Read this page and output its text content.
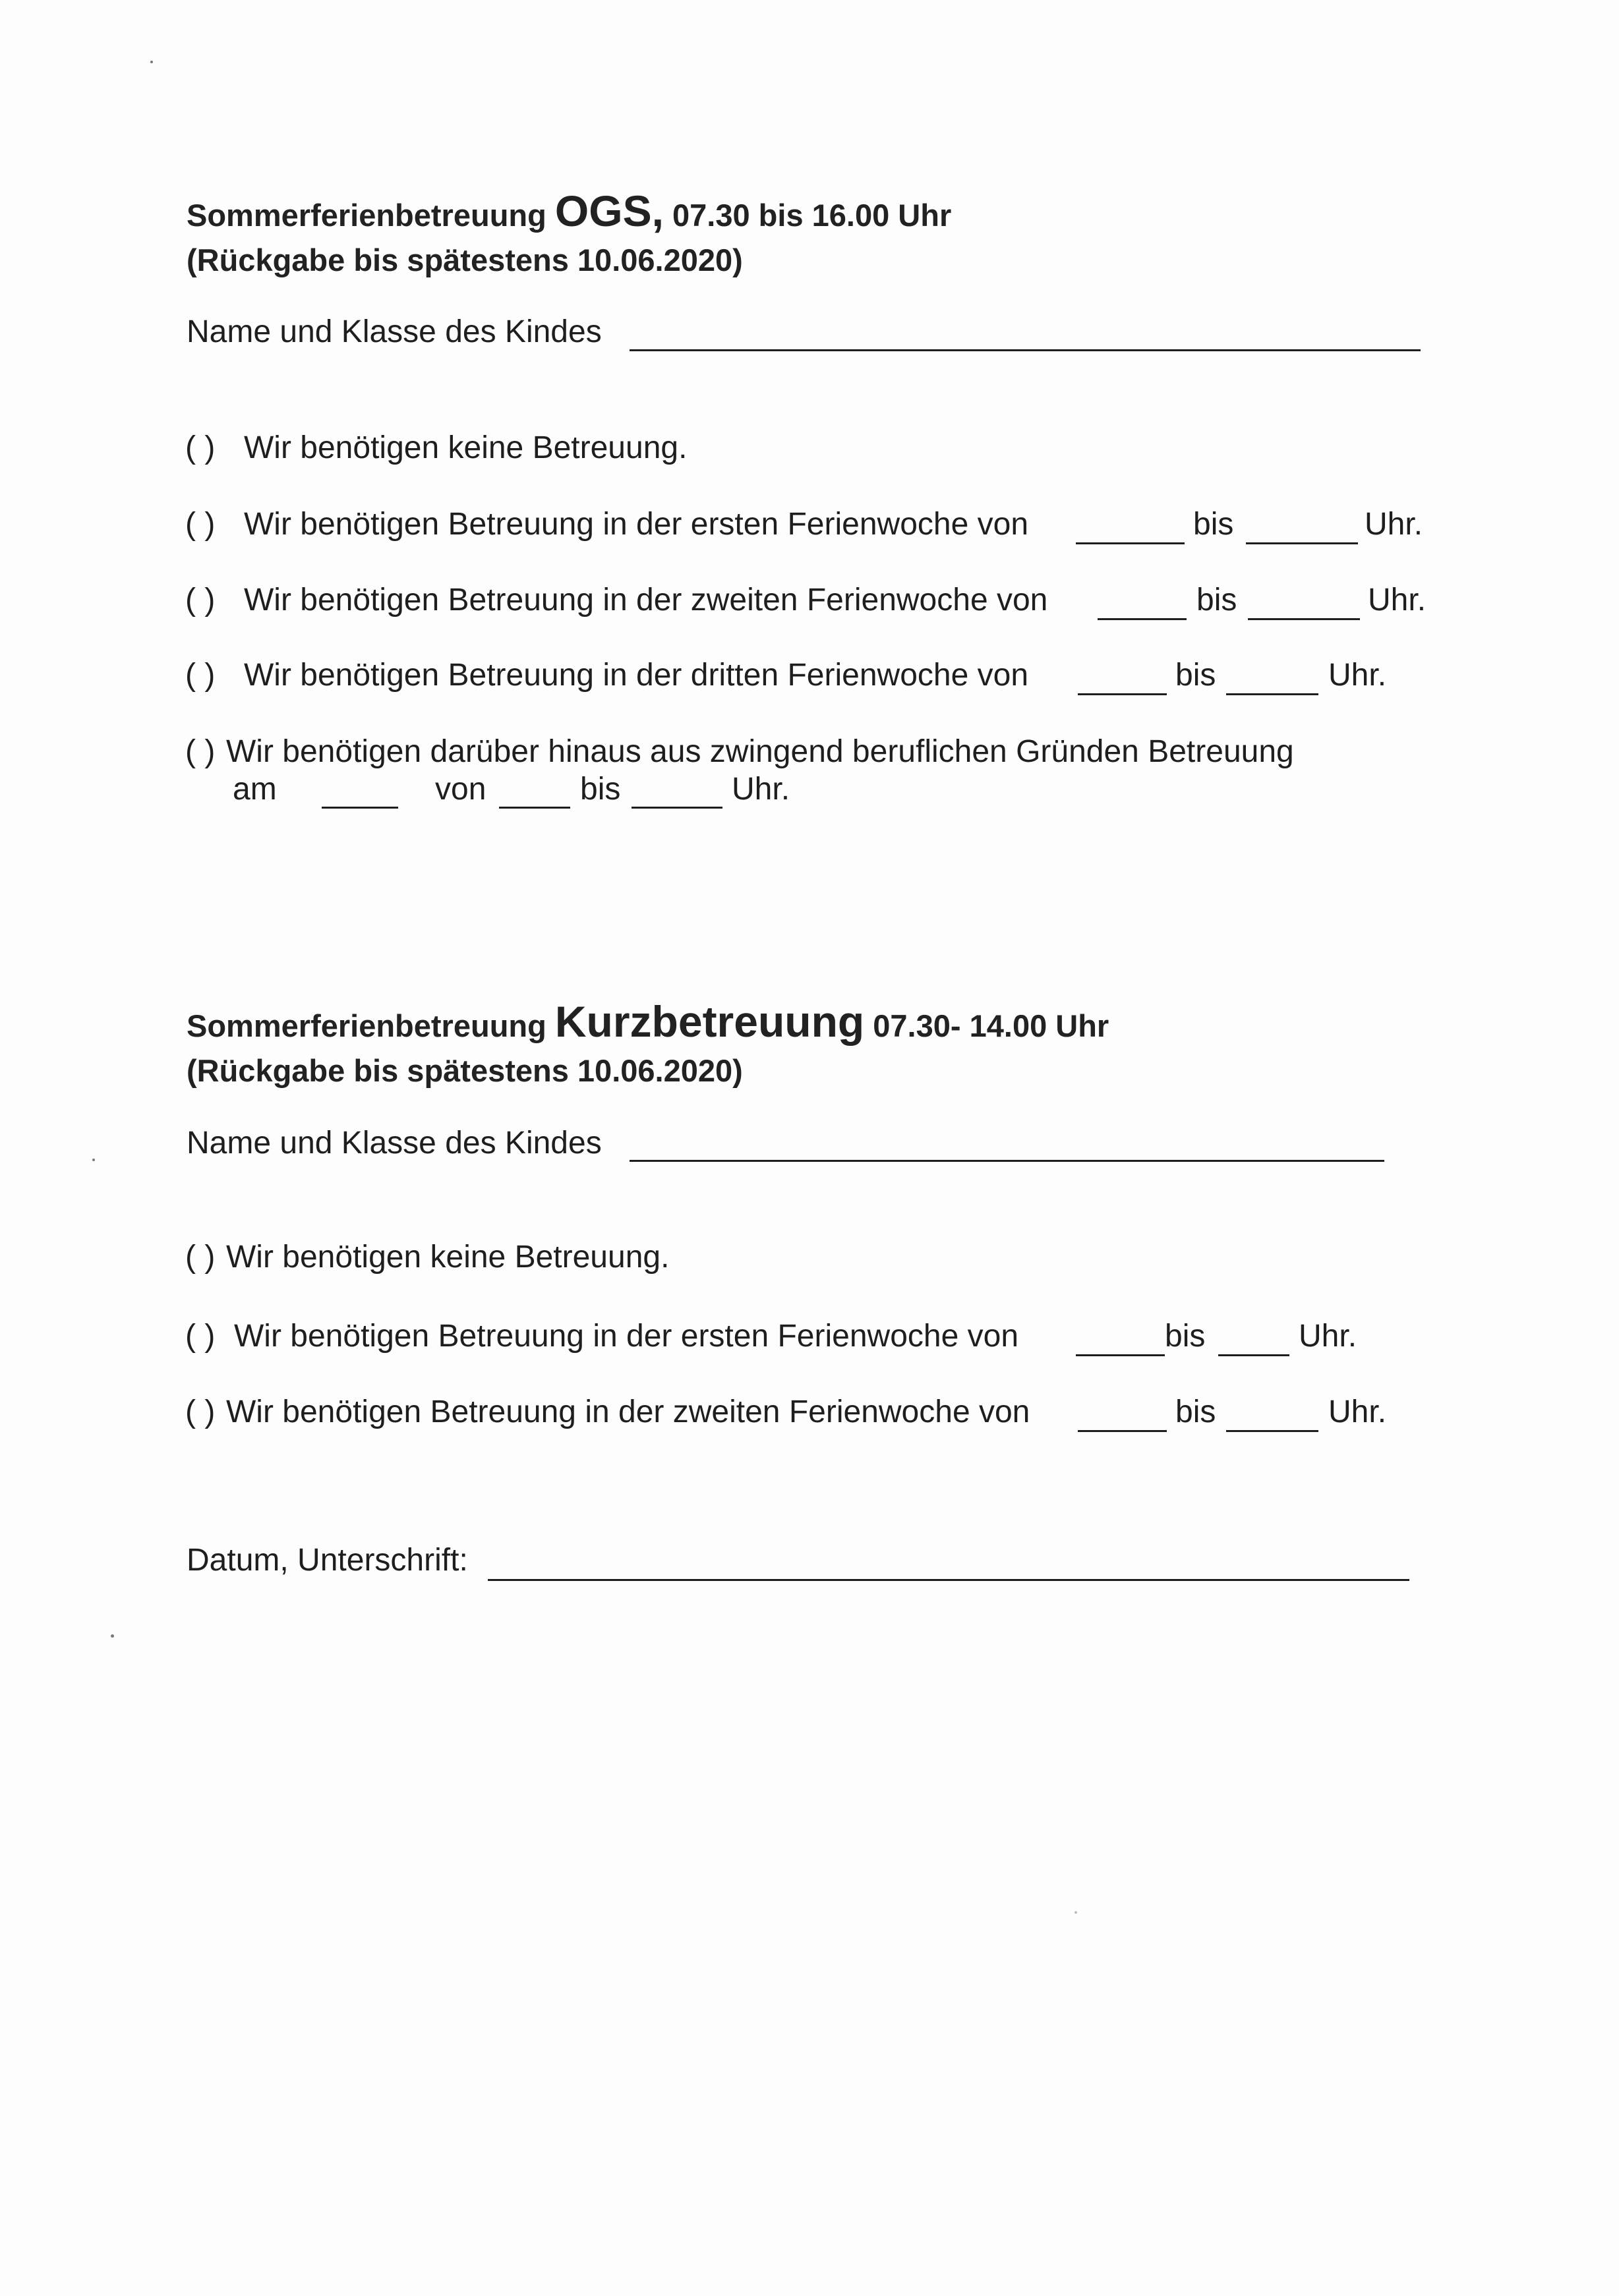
Sommerferienbetreuung OGS, 07.30 bis 16.00 Uhr
(Rückgabe bis spätestens 10.06.2020)
Name und Klasse des Kindes
( ) Wir benötigen keine Betreuung.
( ) Wir benötigen Betreuung in der ersten Ferienwoche von	bis	Uhr.
( ) Wir benötigen Betreuung in der zweiten Ferienwoche von	bis	Uhr.
( ) Wir benötigen Betreuung in der dritten Ferienwoche von	bis	Uhr.
( ) Wir benötigen darüber hinaus aus zwingend beruflichen Gründen Betreuung
am	von	bis	Uhr.
Sommerferienbetreuung Kurzbetreuung 07.30- 14.00 Uhr
(Rückgabe bis spätestens 10.06.2020)
Name und Klasse des Kindes
( ) Wir benötigen keine Betreuung.
( ) Wir benötigen Betreuung in der ersten Ferienwoche von	bis	Uhr.
( ) Wir benötigen Betreuung in der zweiten Ferienwoche von	bis	Uhr.
Datum, Unterschrift:
